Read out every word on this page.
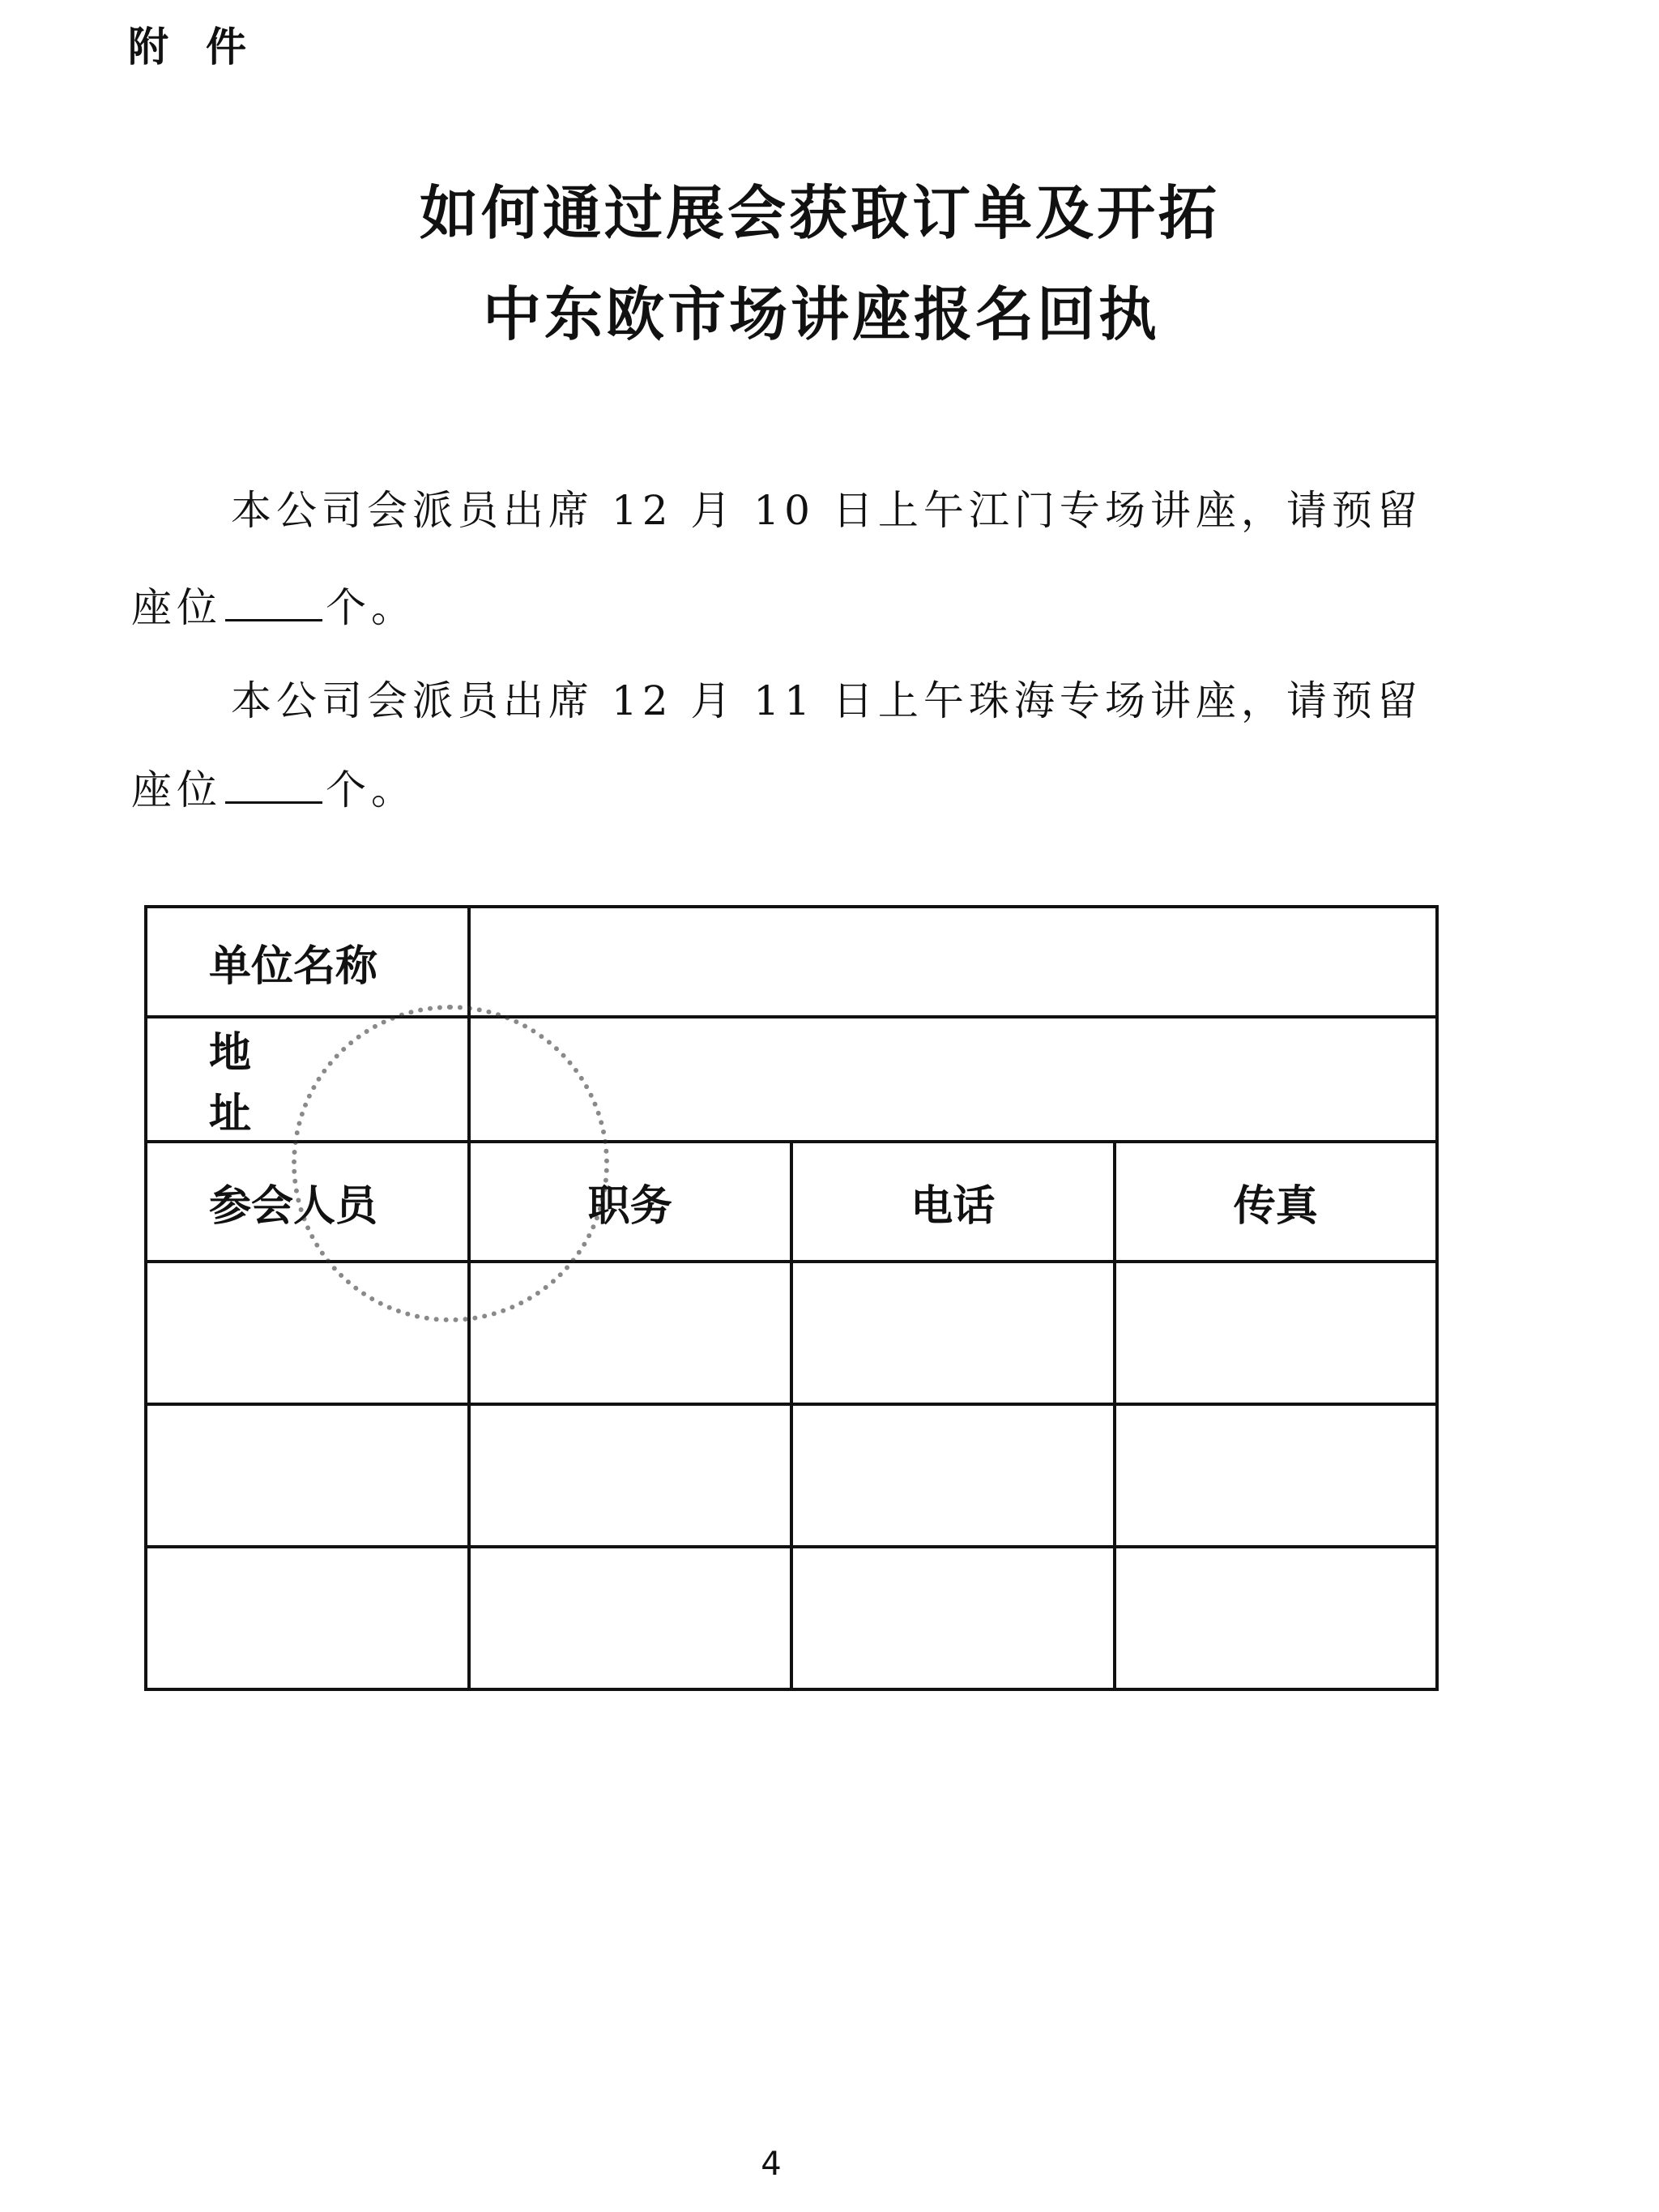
附件
如何通过展会获取订单及开拓
中东欧市场讲座报名回执
本公司会派员出席 12 月 10 日上午江门专场讲座，请预留
座位	个。
本公司会派员出席 12 月 11 日上午珠海专场讲座，请预留
座位	个。
单位名称			
地址			
参会人员	职务	电话	传真

4
